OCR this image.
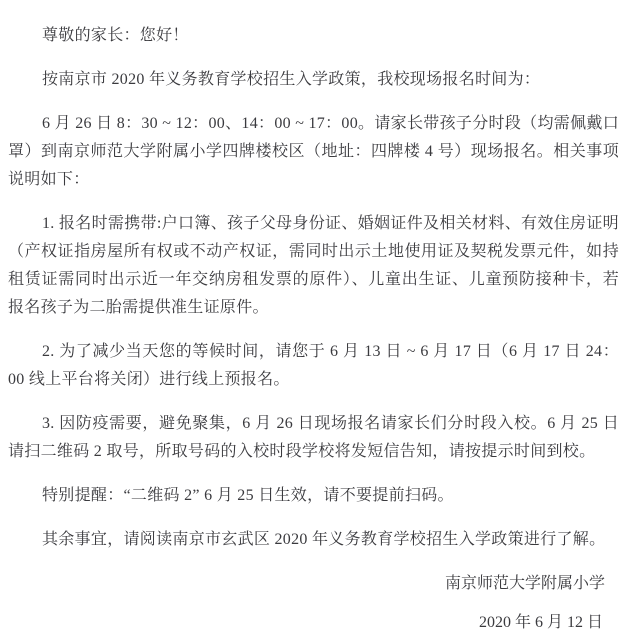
尊敬的家长：您好！

按南京市 2020 年义务教育学校招生入学政策，我校现场报名时间为：

6 月 26 日 8：30 ~ 12：00、14：00 ~ 17：00。请家长带孩子分时段（均需佩戴口罩）到南京师范大学附属小学四牌楼校区（地址：四牌楼 4 号）现场报名。相关事项说明如下：

1. 报名时需携带:户口簿、孩子父母身份证、婚姻证件及相关材料、有效住房证明（产权证指房屋所有权或不动产权证，需同时出示土地使用证及契税发票元件，如持租赁证需同时出示近一年交纳房租发票的原件）、儿童出生证、儿童预防接种卡，若报名孩子为二胎需提供准生证原件。

2. 为了减少当天您的等候时间，请您于 6 月 13 日 ~ 6 月 17 日（6 月 17 日 24：00 线上平台将关闭）进行线上预报名。

3. 因防疫需要，避免聚集，6 月 26 日现场报名请家长们分时段入校。6 月 25 日请扫二维码 2 取号，所取号码的入校时段学校将发短信告知，请按提示时间到校。

特别提醒：“二维码 2” 6 月 25 日生效，请不要提前扫码。

其余事宜，请阅读南京市玄武区 2020 年义务教育学校招生入学政策进行了解。

南京师范大学附属小学
2020 年 6 月 12 日
